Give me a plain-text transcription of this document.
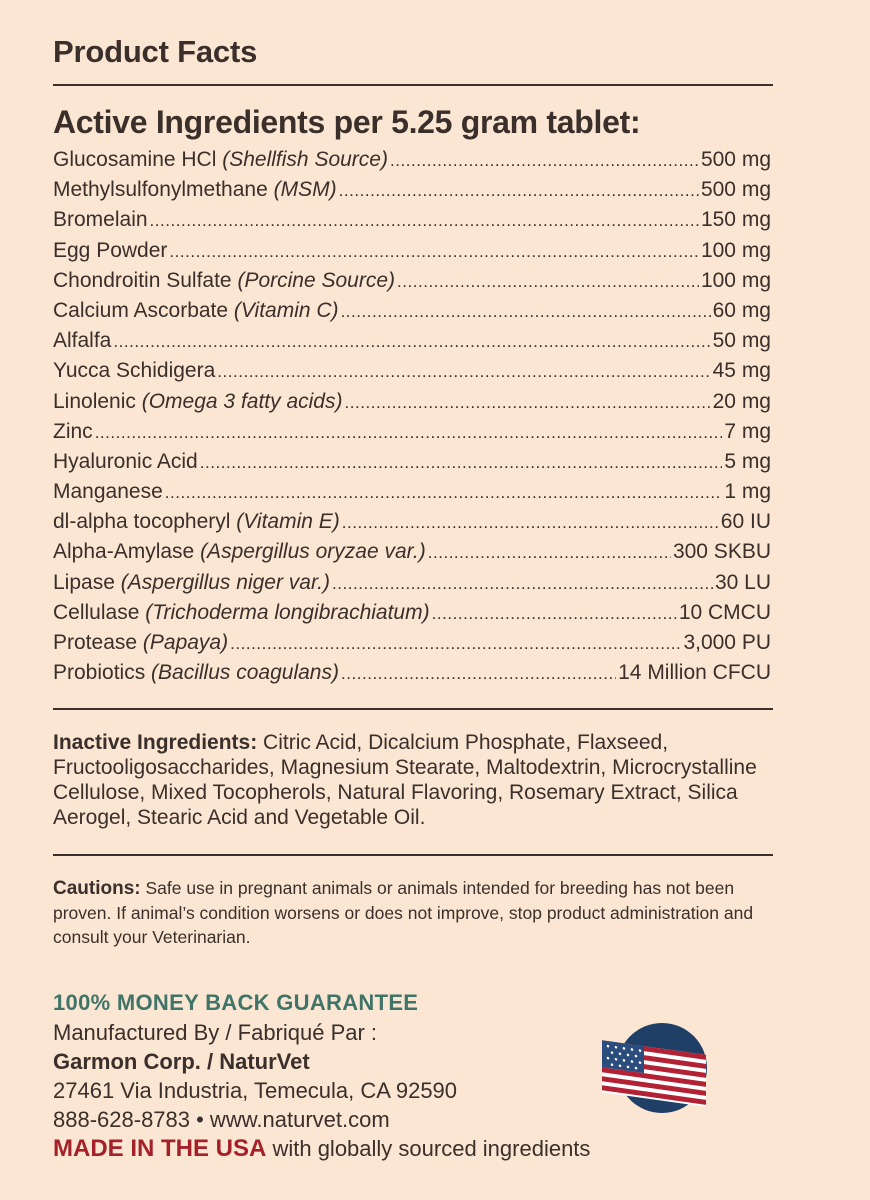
Product Facts
Active Ingredients per 5.25 gram tablet:
Glucosamine HCl (Shellfish Source) . . .	500 mg
Methylsulfonylmethane (MSM) . . .	500 mg
Bromelain . . .	150 mg
Egg Powder . . .	100 mg
Chondroitin Sulfate (Porcine Source) . . .	100 mg
Calcium Ascorbate (Vitamin C) . . .	60 mg
Alfalfa . . .	50 mg
Yucca Schidigera . . .	45 mg
Linolenic (Omega 3 fatty acids) . . .	20 mg
Zinc . . .	7 mg
Hyaluronic Acid . . .	5 mg
Manganese . . .	1 mg
dl-alpha tocopheryl (Vitamin E) . . .	60 IU
Alpha-Amylase (Aspergillus oryzae var.) . . .	300 SKBU
Lipase (Aspergillus niger var.) . . .	30 LU
Cellulase (Trichoderma longibrachiatum) . . .	10 CMCU
Protease (Papaya) . . .	3,000 PU
Probiotics (Bacillus coagulans) . . .	14 Million CFCU
Inactive Ingredients: Citric Acid, Dicalcium Phosphate, Flaxseed, Fructooligosaccharides, Magnesium Stearate, Maltodextrin, Microcrystalline Cellulose, Mixed Tocopherols, Natural Flavoring, Rosemary Extract, Silica Aerogel, Stearic Acid and Vegetable Oil.
Cautions: Safe use in pregnant animals or animals intended for breeding has not been proven. If animal’s condition worsens or does not improve, stop product administration and consult your Veterinarian.
100% MONEY BACK GUARANTEE
Manufactured By / Fabriqué Par :
Garmon Corp. / NaturVet
27461 Via Industria, Temecula, CA 92590
888-628-8783 • www.naturvet.com
MADE IN THE USA with globally sourced ingredients
